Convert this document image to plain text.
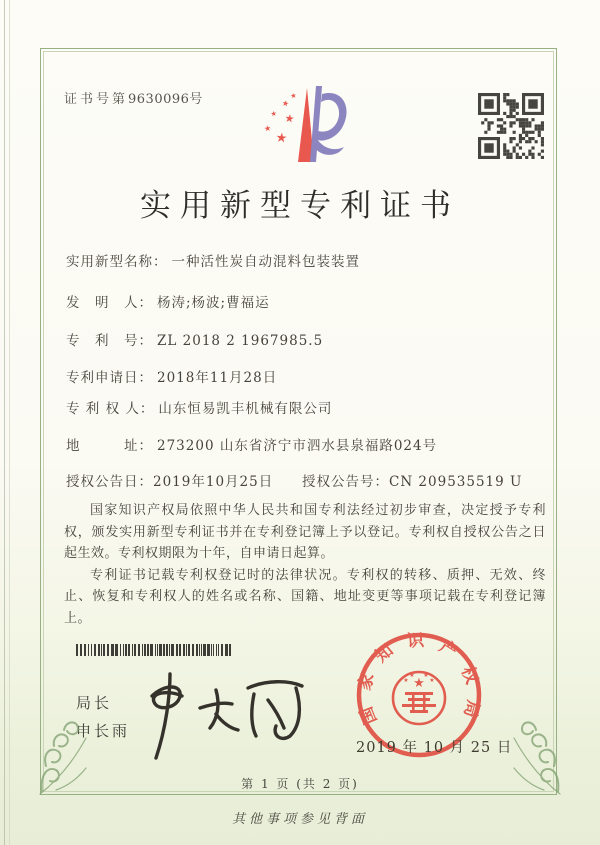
证书号第9630096号	★
★
★ ★
★
★
实用新型专利证书
实用新型名称： 一种活性炭自动混料包装装置
发　明　人： 杨涛;杨波;曹福运
专　利　号： ZL 2018 2 1967985.5
专利申请日： 2018年11月28日
专 利 权 人： 山东恒易凯丰机械有限公司
地　　　址： 273200 山东省济宁市泗水县泉福路024号
授权公告日：2019年10月25日 授权公告号：CN 209535519 U

国家知识产权局依照中华人民共和国专利法经过初步审查，决定授予专利权，颁发实用新型专利证书并在专利登记簿上予以登记。专利权自授权公告之日起生效。专利权期限为十年，自申请日起算。

专利证书记载专利权登记时的法律状况。专利权的转移、质押、无效、终止、恢复和专利权人的姓名或名称、国籍、地址变更等事项记载在专利登记簿上。

局长
申长雨
国家知识产权局
★
★
★ ★
★
2019 年 10 月 25 日
第 1 页 (共 2 页)
其他事项参见背面
